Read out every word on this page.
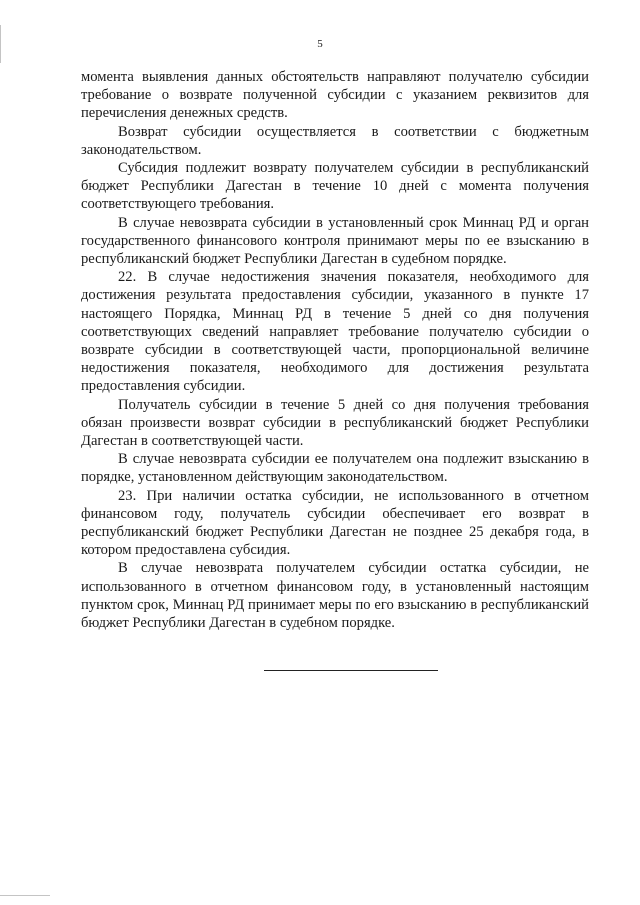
5

момента выявления данных обстоятельств направляют получателю субсидии требование о возврате полученной субсидии с указанием реквизитов для перечисления денежных средств.

Возврат субсидии осуществляется в соответствии с бюджетным законодательством.

Субсидия подлежит возврату получателем субсидии в республиканский бюджет Республики Дагестан в течение 10 дней с момента получения соответствующего требования.

В случае невозврата субсидии в установленный срок Миннац РД и орган государственного финансового контроля принимают меры по ее взысканию в республиканский бюджет Республики Дагестан в судебном порядке.

22. В случае недостижения значения показателя, необходимого для достижения результата предоставления субсидии, указанного в пункте 17 настоящего Порядка, Миннац РД в течение 5 дней со дня получения соответствующих сведений направляет требование получателю субсидии о возврате субсидии в соответствующей части, пропорциональной величине недостижения показателя, необходимого для достижения результата предоставления субсидии.

Получатель субсидии в течение 5 дней со дня получения требования обязан произвести возврат субсидии в республиканский бюджет Республики Дагестан в соответствующей части.

В случае невозврата субсидии ее получателем она подлежит взысканию в порядке, установленном действующим законодательством.

23. При наличии остатка субсидии, не использованного в отчетном финансовом году, получатель субсидии обеспечивает его возврат в республиканский бюджет Республики Дагестан не позднее 25 декабря года, в котором предоставлена субсидия.

В случае невозврата получателем субсидии остатка субсидии, не использованного в отчетном финансовом году, в установленный настоящим пунктом срок, Миннац РД принимает меры по его взысканию в республиканский бюджет Республики Дагестан в судебном порядке.
